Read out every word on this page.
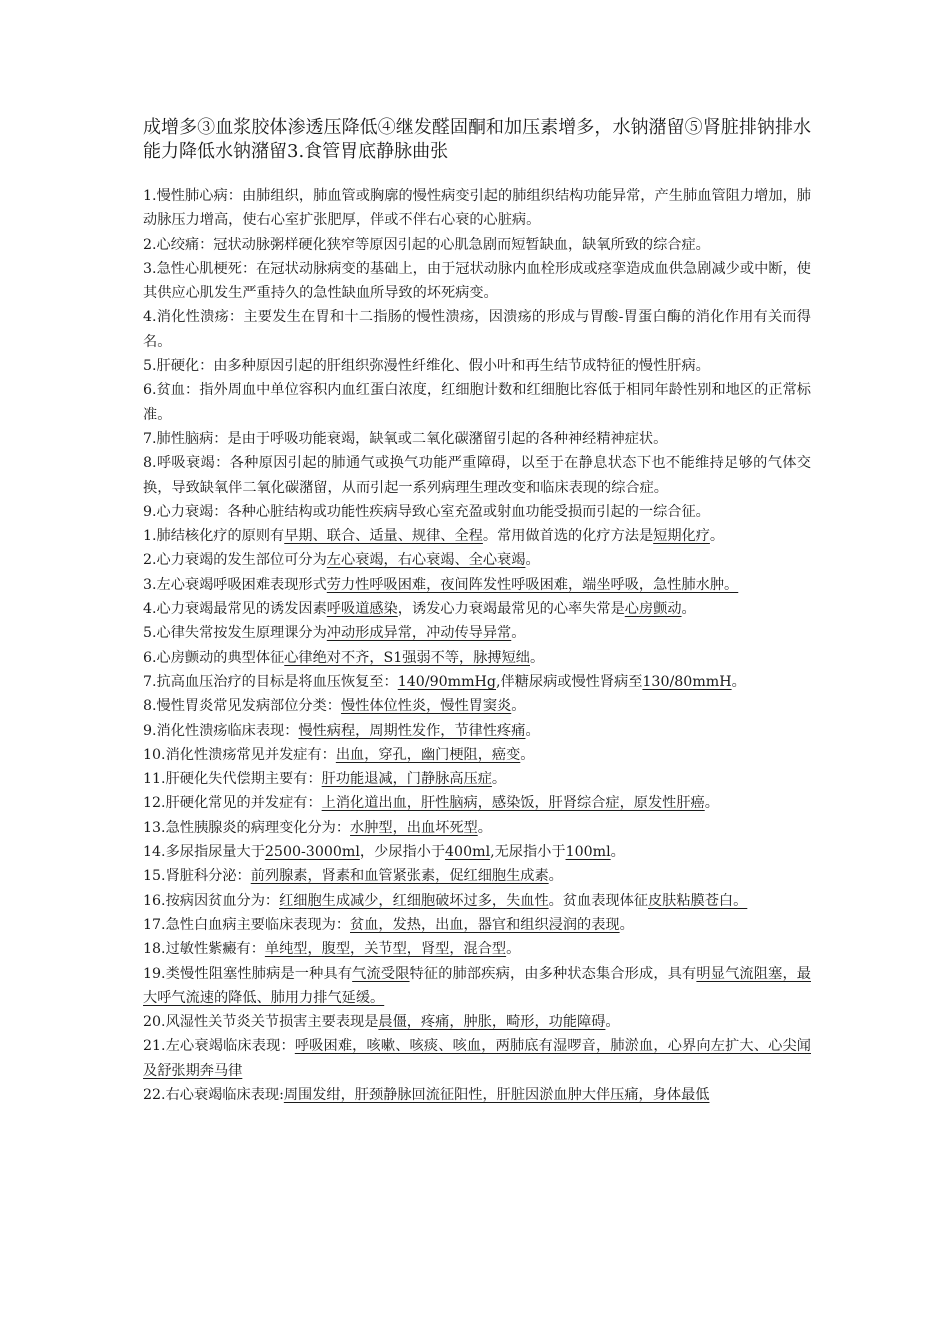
成增多③血浆胶体渗透压降低④继发醛固酮和加压素增多，水钠潴留⑤肾脏排钠排水能力降低水钠潴留3.食管胃底静脉曲张

1.慢性肺心病：由肺组织，肺血管或胸廓的慢性病变引起的肺组织结构功能异常，产生肺血管阻力增加，肺动脉压力增高，使右心室扩张肥厚，伴或不伴右心衰的心脏病。

2.心绞痛：冠状动脉粥样硬化狭窄等原因引起的心肌急剧而短暂缺血，缺氧所致的综合症。

3.急性心肌梗死：在冠状动脉病变的基础上，由于冠状动脉内血栓形成或痉挛造成血供急剧减少或中断，使其供应心肌发生严重持久的急性缺血所导致的坏死病变。

4.消化性溃疡：主要发生在胃和十二指肠的慢性溃疡，因溃疡的形成与胃酸-胃蛋白酶的消化作用有关而得名。

5.肝硬化：由多种原因引起的肝组织弥漫性纤维化、假小叶和再生结节成特征的慢性肝病。

6.贫血：指外周血中单位容积内血红蛋白浓度，红细胞计数和红细胞比容低于相同年龄性别和地区的正常标准。

7.肺性脑病：是由于呼吸功能衰竭，缺氧或二氧化碳潴留引起的各种神经精神症状。

8.呼吸衰竭：各种原因引起的肺通气或换气功能严重障碍，以至于在静息状态下也不能维持足够的气体交换，导致缺氧伴二氧化碳潴留，从而引起一系列病理生理改变和临床表现的综合症。

9.心力衰竭：各种心脏结构或功能性疾病导致心室充盈或射血功能受损而引起的一综合征。

1.肺结核化疗的原则有早期、联合、适量、规律、全程。常用做首选的化疗方法是短期化疗。

2.心力衰竭的发生部位可分为左心衰竭，右心衰竭、全心衰竭。

3.左心衰竭呼吸困难表现形式劳力性呼吸困难，夜间阵发性呼吸困难，端坐呼吸，急性肺水肿。

4.心力衰竭最常见的诱发因素呼吸道感染，诱发心力衰竭最常见的心率失常是心房颤动。

5.心律失常按发生原理课分为冲动形成异常，冲动传导异常。

6.心房颤动的典型体征心律绝对不齐，S1强弱不等，脉搏短绌。

7.抗高血压治疗的目标是将血压恢复至：140/90mmHg,伴糖尿病或慢性肾病至130/80mmH。

8.慢性胃炎常见发病部位分类：慢性体位性炎，慢性胃窦炎。

9.消化性溃疡临床表现：慢性病程，周期性发作，节律性疼痛。

10.消化性溃疡常见并发症有：出血，穿孔，幽门梗阻，癌变。

11.肝硬化失代偿期主要有：肝功能退减，门静脉高压症。

12.肝硬化常见的并发症有：上消化道出血，肝性脑病，感染饭，肝肾综合症，原发性肝癌。

13.急性胰腺炎的病理变化分为：水肿型，出血坏死型。

14.多尿指尿量大于2500-3000ml，少尿指小于400ml,无尿指小于100ml。

15.肾脏科分泌：前列腺素，肾素和血管紧张素，促红细胞生成素。

16.按病因贫血分为：红细胞生成减少，红细胞破坏过多，失血性。贫血表现体征皮肤粘膜苍白。

17.急性白血病主要临床表现为：贫血，发热，出血，器官和组织浸润的表现。

18.过敏性紫癜有：单纯型，腹型，关节型，肾型，混合型。

19.类慢性阻塞性肺病是一种具有气流受限特征的肺部疾病，由多种状态集合形成，具有明显气流阻塞，最大呼气流速的降低、肺用力排气延缓。

20.风湿性关节炎关节损害主要表现是晨僵，疼痛，肿胀，畸形，功能障碍。

21.左心衰竭临床表现：呼吸困难，咳嗽、咳痰、咳血，两肺底有湿啰音，肺淤血，心界向左扩大、心尖闻及舒张期奔马律

22.右心衰竭临床表现:周围发绀，肝颈静脉回流征阳性，肝脏因淤血肿大伴压痛，身体最低
